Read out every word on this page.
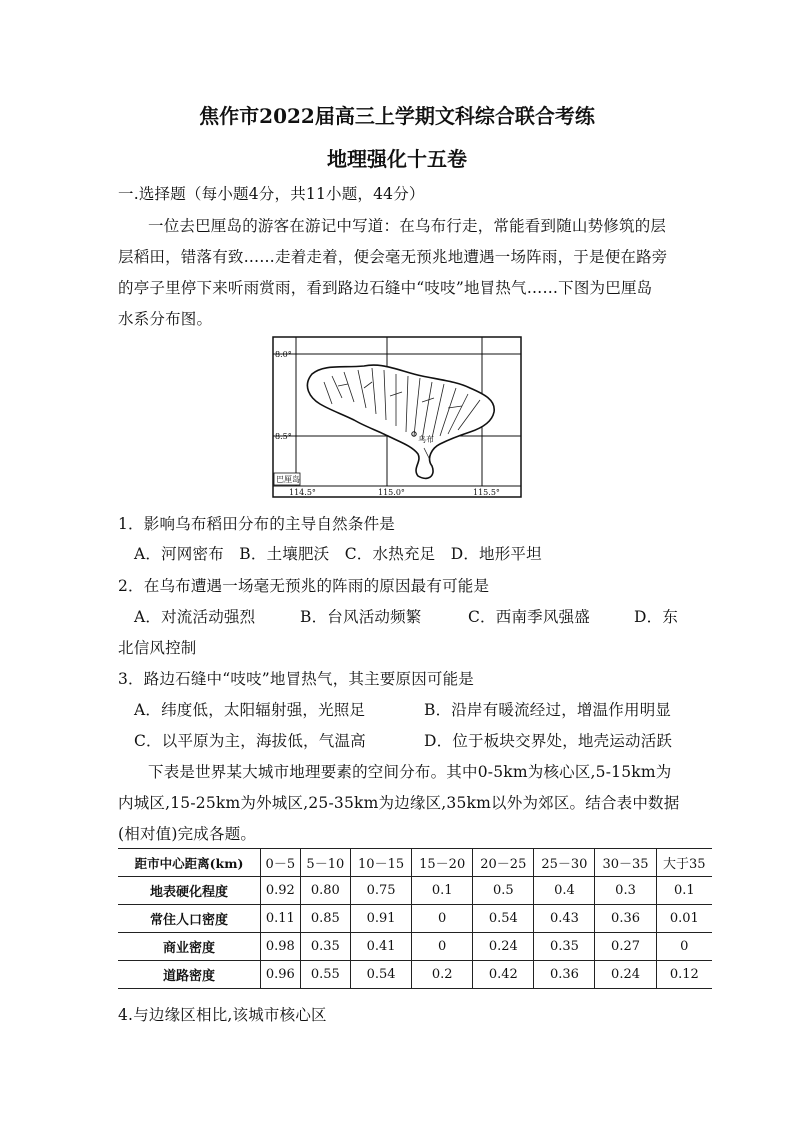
焦作市2022届高三上学期文科综合联合考练
地理强化十五卷
一.选择题（每小题4分，共11小题，44分）
一位去巴厘岛的游客在游记中写道：在乌布行走，常能看到随山势修筑的层
层稻田，错落有致……走着走着，便会毫无预兆地遭遇一场阵雨，于是便在路旁
的亭子里停下来听雨赏雨，看到路边石缝中“吱吱”地冒热气……下图为巴厘岛
水系分布图。
乌布
8.0°
8.5°
巴厘岛
114.5°	115.0°	115.5°
1．影响乌布稻田分布的主导自然条件是
A．河网密布   B．土壤肥沃   C．水热充足   D．地形平坦
2．在乌布遭遇一场毫无预兆的阵雨的原因最有可能是
A．对流活动强烈	B．台风活动频繁	C．西南季风强盛	D．东
北信风控制
3．路边石缝中“吱吱”地冒热气，其主要原因可能是
A．纬度低，太阳辐射强，光照足	B．沿岸有暖流经过，增温作用明显
C．以平原为主，海拔低，气温高	D．位于板块交界处，地壳运动活跃
下表是世界某大城市地理要素的空间分布。其中0-5km为核心区,5-15km为
内城区,15-25km为外城区,25-35km为边缘区,35km以外为郊区。结合表中数据
(相对值)完成各题。
距市中心距离(km)	0－5	5－10	10－15	15－20	20－25	25－30	30－35	大于35
地表硬化程度	0.92	0.80	0.75	0.1	0.5	0.4	0.3	0.1
常住人口密度	0.11	0.85	0.91	0	0.54	0.43	0.36	0.01
商业密度	0.98	0.35	0.41	0	0.24	0.35	0.27	0
道路密度	0.96	0.55	0.54	0.2	0.42	0.36	0.24	0.12
4.与边缘区相比,该城市核心区
